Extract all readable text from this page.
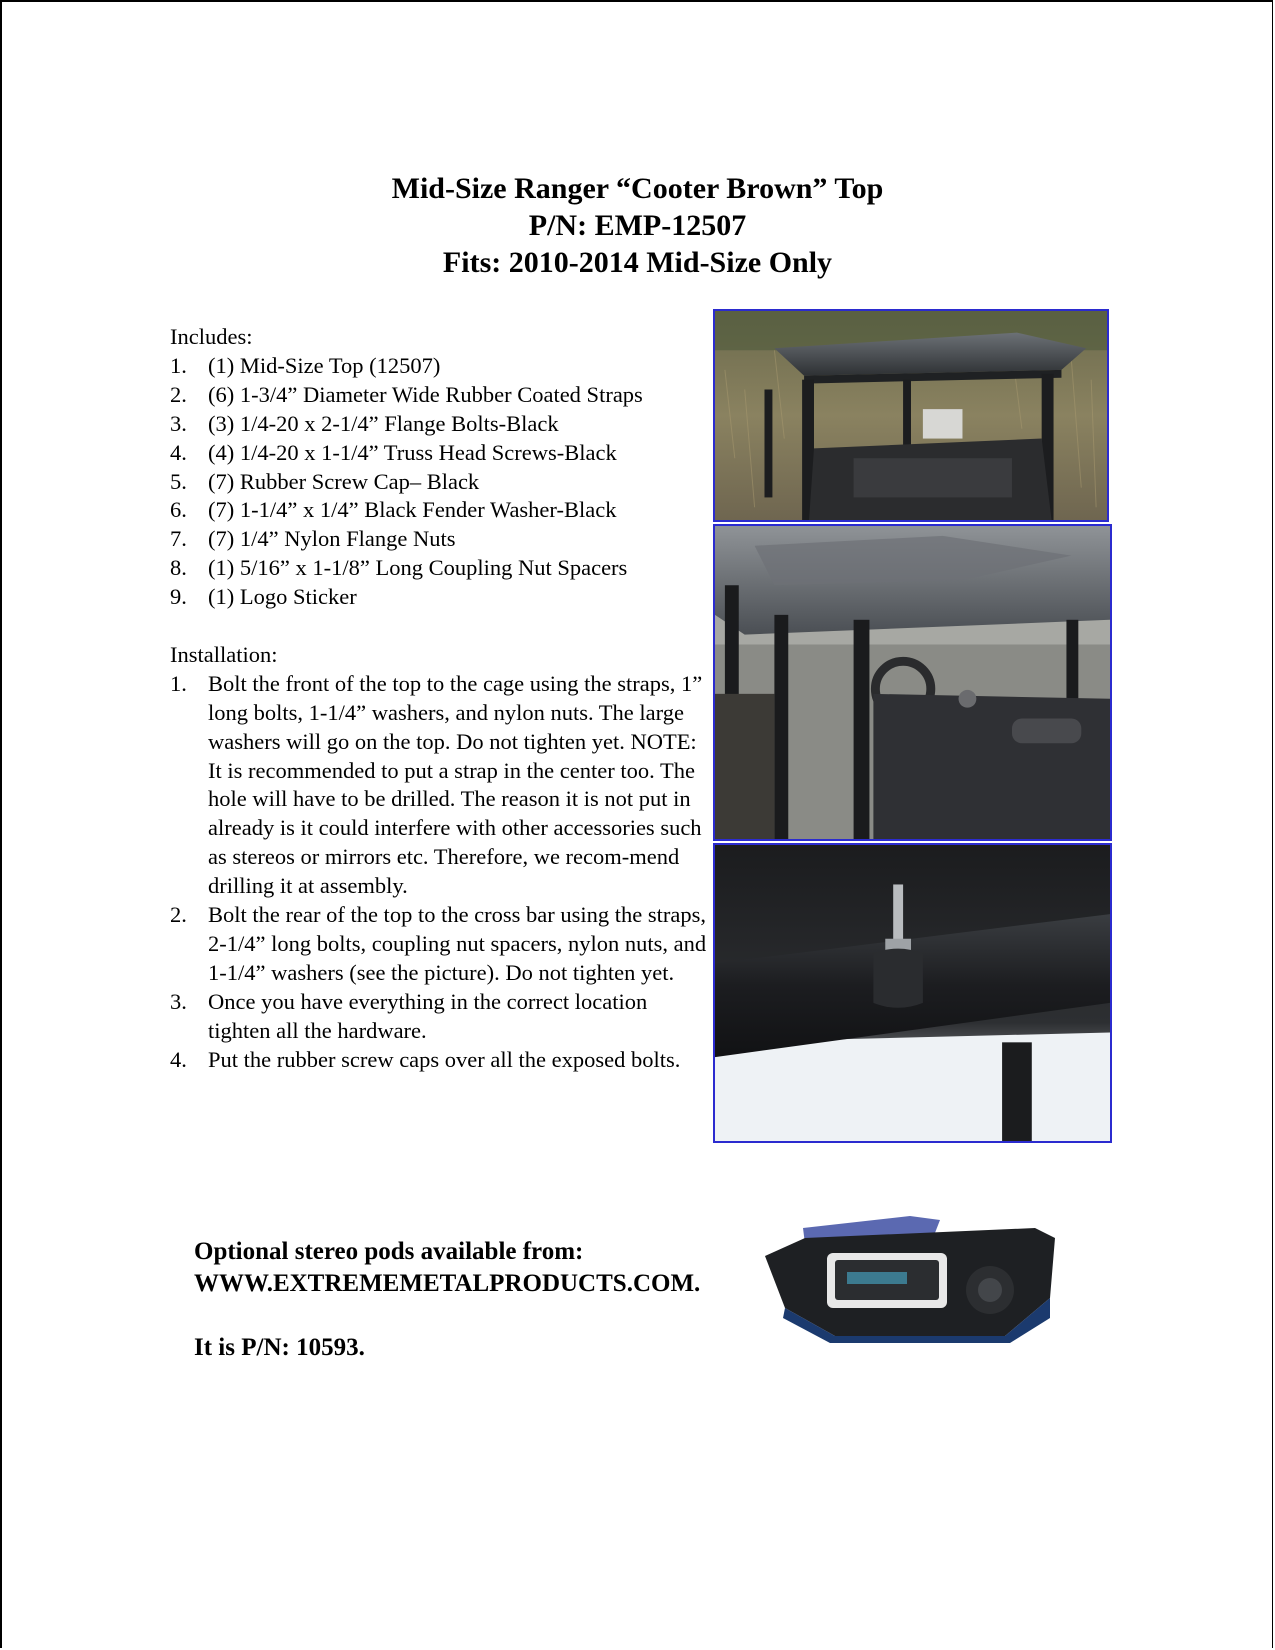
Mid-Size Ranger “Cooter Brown” Top
P/N: EMP-12507
Fits: 2010-2014 Mid-Size Only
Includes:
1. (1) Mid-Size Top (12507)
2. (6) 1-3/4” Diameter Wide Rubber Coated Straps
3. (3) 1/4-20 x 2-1/4” Flange Bolts-Black
4. (4) 1/4-20 x 1-1/4” Truss Head Screws-Black
5. (7) Rubber Screw Cap– Black
6. (7) 1-1/4” x 1/4” Black Fender Washer-Black
7. (7) 1/4” Nylon Flange Nuts
8. (1) 5/16” x 1-1/8” Long Coupling Nut Spacers
9. (1) Logo Sticker
Installation:
1. Bolt the front of the top to the cage using the straps, 1” long bolts, 1-1/4” washers, and nylon nuts. The large washers will go on the top. Do not tighten yet. NOTE: It is recommended to put a strap in the center too. The hole will have to be drilled. The reason it is not put in already is it could interfere with other accessories such as stereos or mirrors etc. Therefore, we recom-mend drilling it at assembly.
2. Bolt the rear of the top to the cross bar using the straps, 2-1/4” long bolts, coupling nut spacers, nylon nuts, and 1-1/4” washers (see the picture). Do not tighten yet.
3. Once you have everything in the correct location tighten all the hardware.
4. Put the rubber screw caps over all the exposed bolts.
Optional stereo pods available from:
WWW.EXTREMEMETALPRODUCTS.COM.
It is P/N: 10593.
